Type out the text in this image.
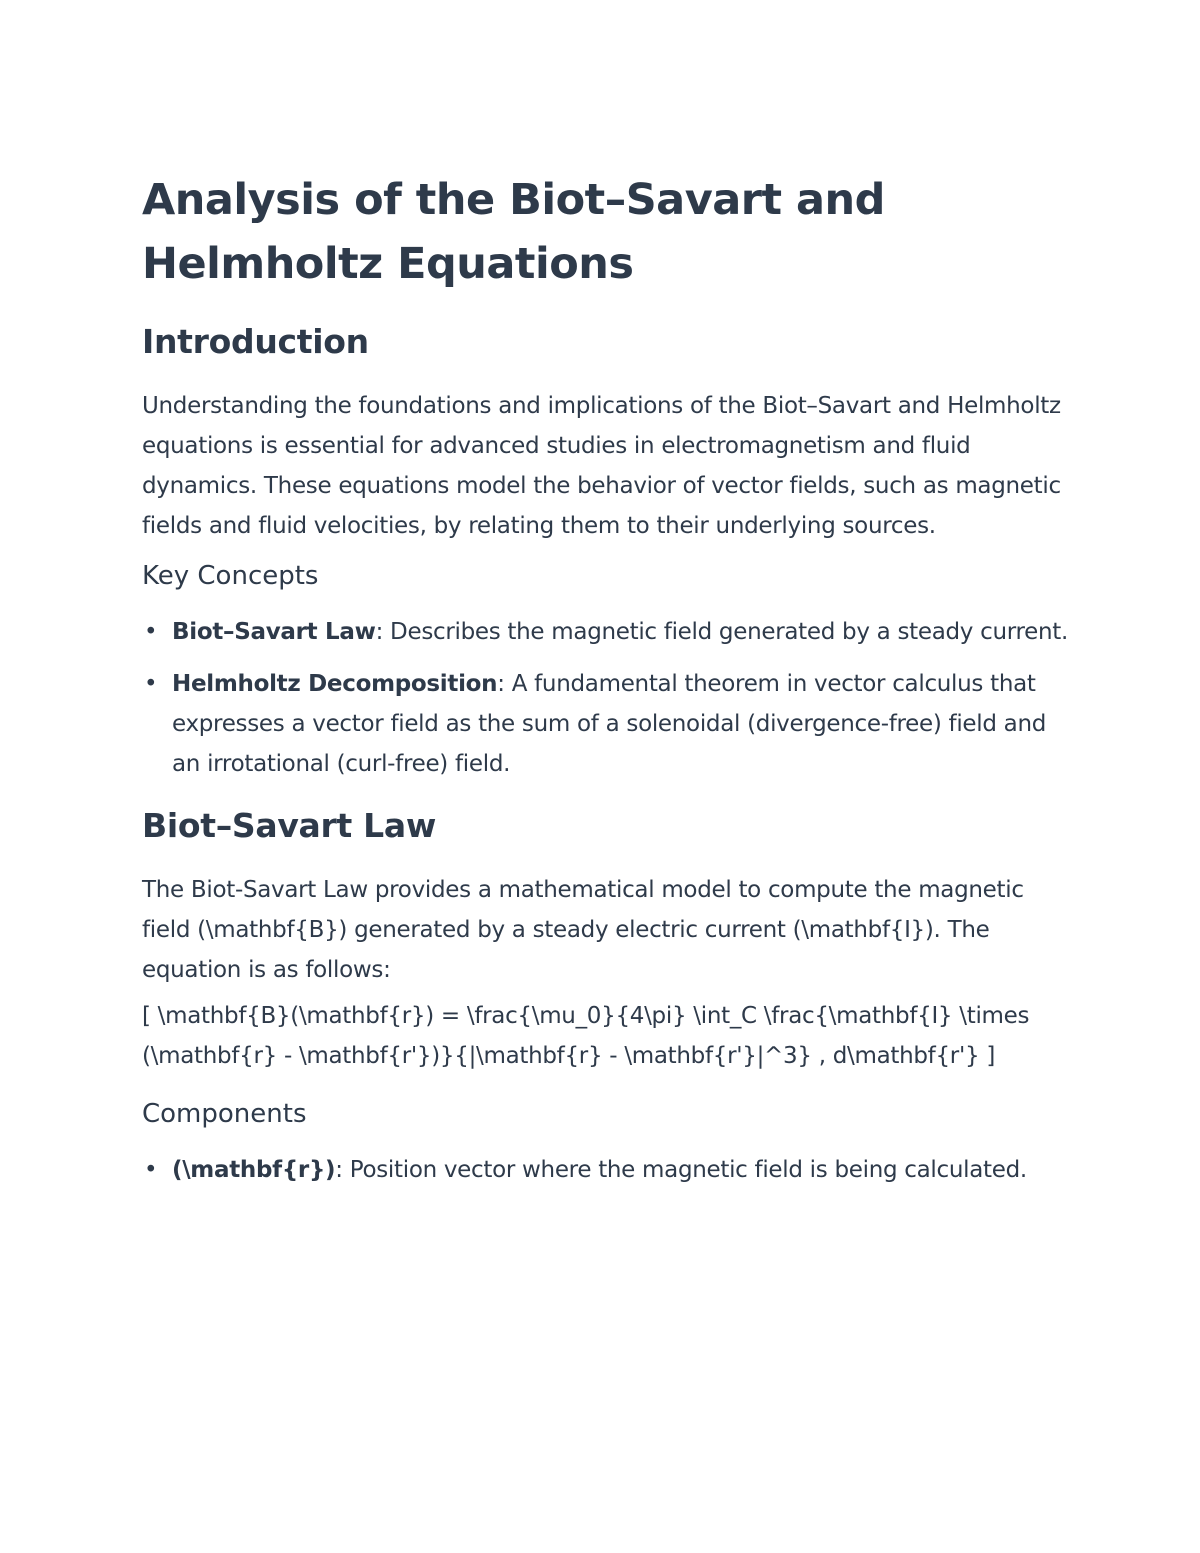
Analysis of the Biot–Savart and Helmholtz Equations
Introduction

Understanding the foundations and implications of the Biot–Savart and Helmholtz equations is essential for advanced studies in electromagnetism and fluid dynamics. These equations model the behavior of vector fields, such as magnetic fields and fluid velocities, by relating them to their underlying sources.

Key Concepts
• Biot–Savart Law: Describes the magnetic field generated by a steady current.
• Helmholtz Decomposition: A fundamental theorem in vector calculus that expresses a vector field as the sum of a solenoidal (divergence-free) field and an irrotational (curl-free) field.
Biot–Savart Law

The Biot-Savart Law provides a mathematical model to compute the magnetic field (\mathbf{B}) generated by a steady electric current (\mathbf{I}). The equation is as follows:

[ \mathbf{B}(\mathbf{r}) = \frac{\mu_0}{4\pi} \int_C \frac{\mathbf{I} \times (\mathbf{r} - \mathbf{r'})}{|\mathbf{r} - \mathbf{r'}|^3} , d\mathbf{r'} ]

Components
• (\mathbf{r}): Position vector where the magnetic field is being calculated.
